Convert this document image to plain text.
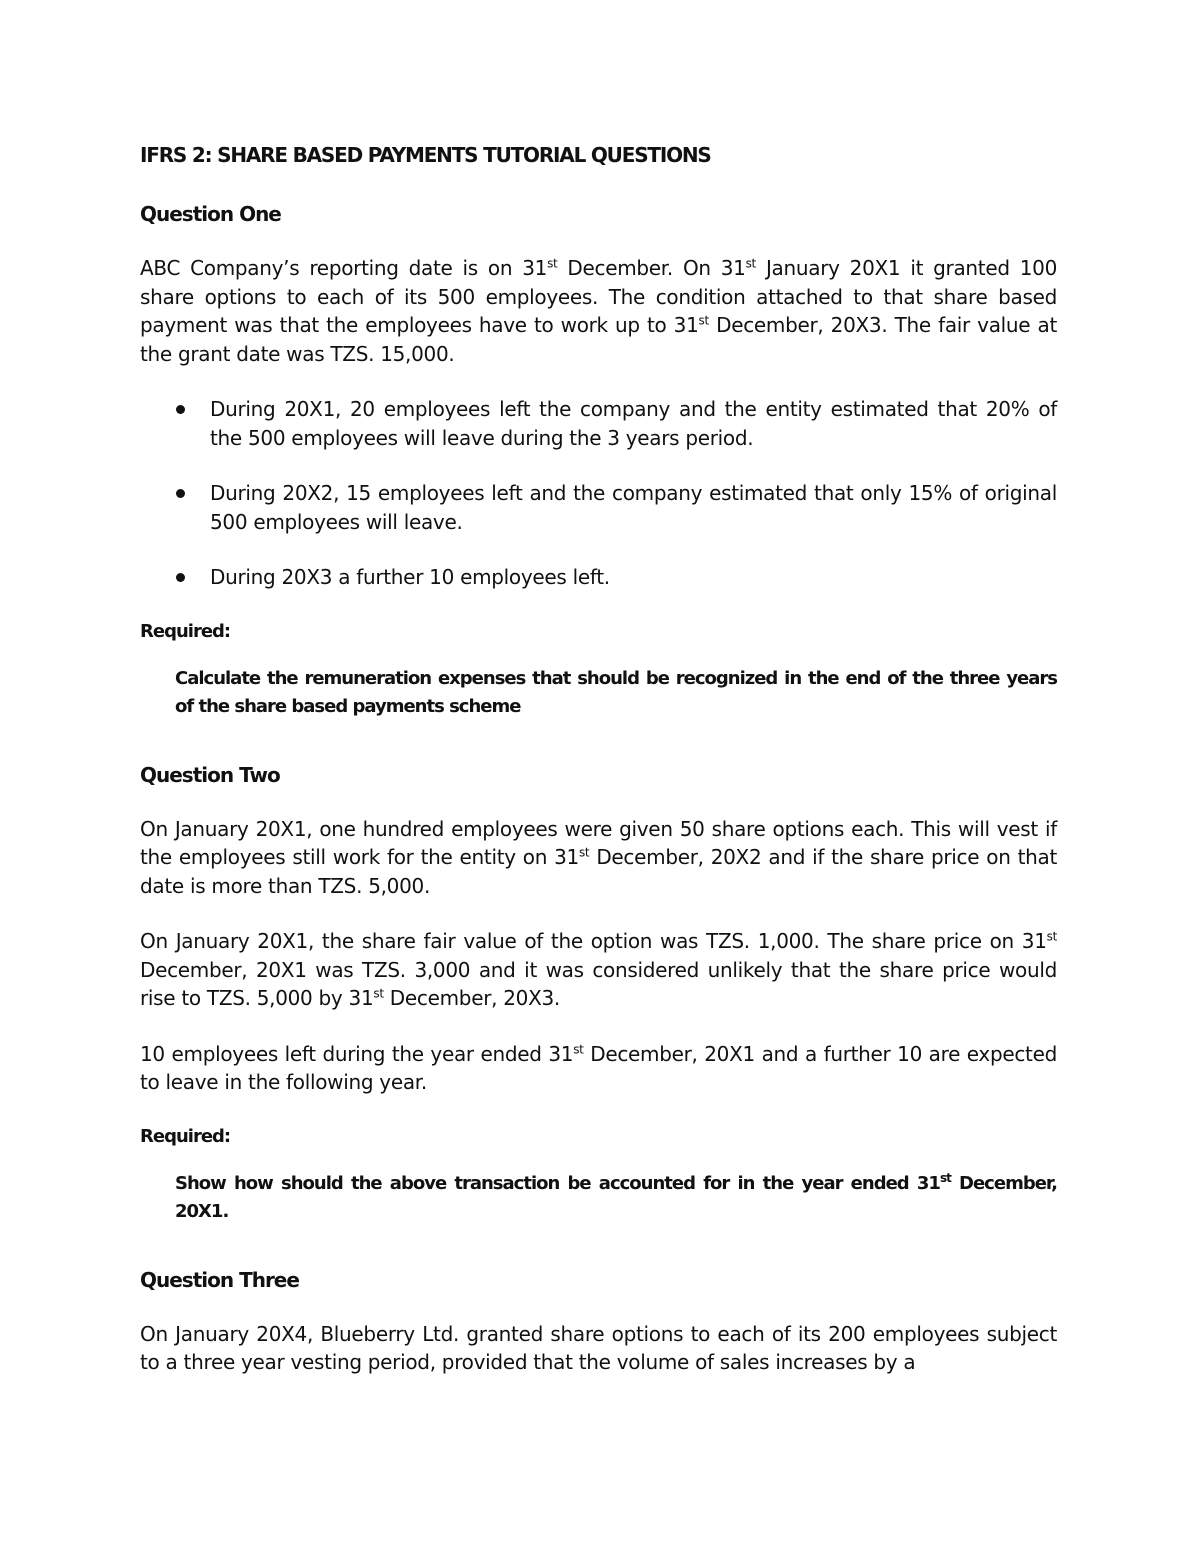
IFRS 2: SHARE BASED PAYMENTS TUTORIAL QUESTIONS
Question One

ABC Company’s reporting date is on 31st December. On 31st January 20X1 it granted 100 share options to each of its 500 employees. The condition attached to that share based payment was that the employees have to work up to 31st December, 20X3. The fair value at the grant date was TZS. 15,000.

During 20X1, 20 employees left the company and the entity estimated that 20% of the 500 employees will leave during the 3 years period.
During 20X2, 15 employees left and the company estimated that only 15% of original 500 employees will leave.
During 20X3 a further 10 employees left.
Required:
Calculate the remuneration expenses that should be recognized in the end of the three years of the share based payments scheme
Question Two

On January 20X1, one hundred employees were given 50 share options each. This will vest if the employees still work for the entity on 31st December, 20X2 and if the share price on that date is more than TZS. 5,000.

On January 20X1, the share fair value of the option was TZS. 1,000. The share price on 31st December, 20X1 was TZS. 3,000 and it was considered unlikely that the share price would rise to TZS. 5,000 by 31st December, 20X3.

10 employees left during the year ended 31st December, 20X1 and a further 10 are expected to leave in the following year.

Required:
Show how should the above transaction be accounted for in the year ended 31st December, 20X1.
Question Three

On January 20X4, Blueberry Ltd. granted share options to each of its 200 employees subject to a three year vesting period, provided that the volume of sales increases by a
